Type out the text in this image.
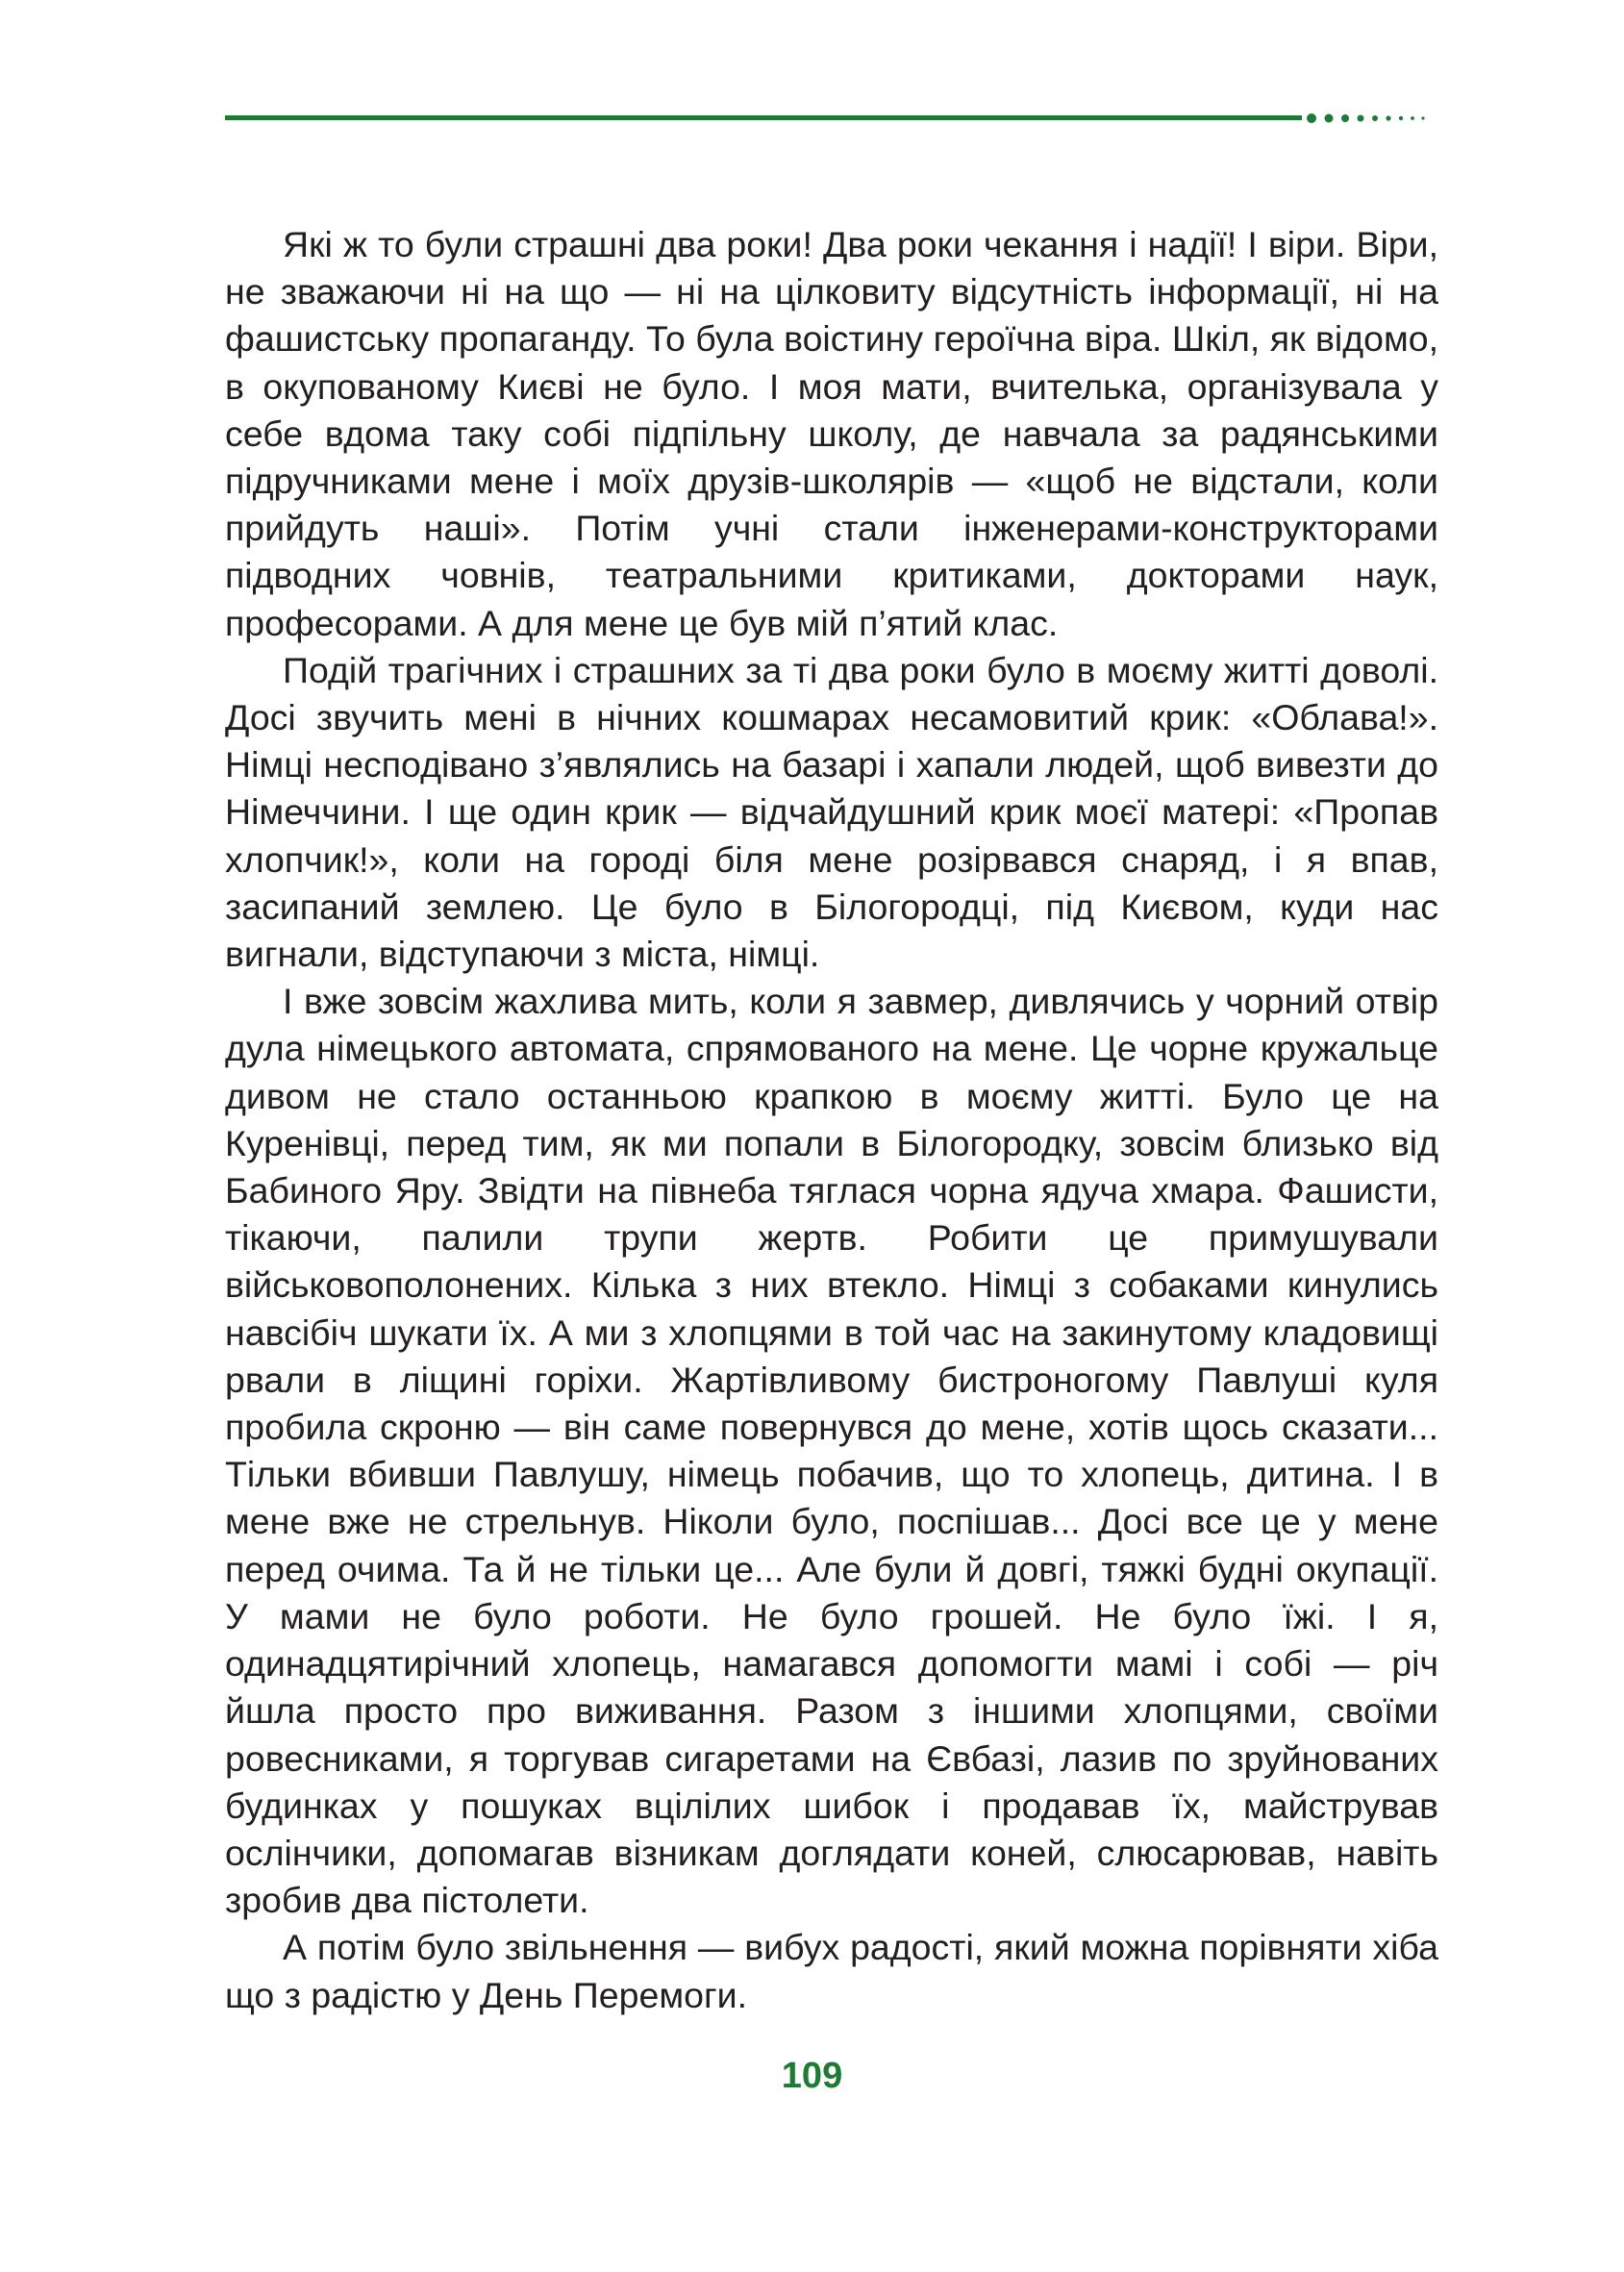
Які ж то були страшні два роки! Два роки чекання і надії! І віри. Віри, не зважаючи ні на що — ні на цілковиту відсутність інформації, ні на фашистську пропаганду. То була воістину героїчна віра. Шкіл, як відомо, в окупованому Києві не було. І моя мати, вчителька, організувала у себе вдома таку собі підпільну школу, де навчала за радянськими підручниками мене і моїх друзів-школярів — «щоб не відстали, коли прийдуть наші». Потім учні стали інженерами-конструкторами підводних човнів, театральними критиками, докторами наук, професорами. А для мене це був мій п’ятий клас.

Подій трагічних і страшних за ті два роки було в моєму житті доволі. Досі звучить мені в нічних кошмарах несамовитий крик: «Облава!». Німці несподівано з’являлись на базарі і хапали людей, щоб вивезти до Німеччини. І ще один крик — відчайдушний крик моєї матері: «Пропав хлопчик!», коли на городі біля мене розірвався снаряд, і я впав, засипаний землею. Це було в Білогородці, під Києвом, куди нас вигнали, відступаючи з міста, німці.

І вже зовсім жахлива мить, коли я завмер, дивлячись у чорний отвір дула німецького автомата, спрямованого на мене. Це чорне кружальце дивом не стало останньою крапкою в моєму житті. Було це на Куренівці, перед тим, як ми попали в Білогородку, зовсім близько від Бабиного Яру. Звідти на півнеба тяглася чорна ядуча хмара. Фашисти, тікаючи, палили трупи жертв. Робити це примушували військовополонених. Кілька з них втекло. Німці з собаками кинулись навсібіч шукати їх. А ми з хлопцями в той час на закинутому кладовищі рвали в ліщині горіхи. Жартівливому бистроногому Павлуші куля пробила скроню — він саме повернувся до мене, хотів щось сказати... Тільки вбивши Павлушу, німець побачив, що то хлопець, дитина. І в мене вже не стрельнув. Ніколи було, поспішав... Досі все це у мене перед очима. Та й не тільки це... Але були й довгі, тяжкі будні окупації. У мами не було роботи. Не було грошей. Не було їжі. І я, одинадцятирічний хлопець, намагався допомогти мамі і собі — річ йшла просто про виживання. Разом з іншими хлопцями, своїми ровесниками, я торгував сигаретами на Євбазі, лазив по зруйнованих будинках у пошуках вцілілих шибок і продавав їх, майстрував ослінчики, допомагав візникам доглядати коней, слюсарював, навіть зробив два пістолети.

А потім було звільнення — вибух радості, який можна порівняти хіба що з радістю у День Перемоги.

109
